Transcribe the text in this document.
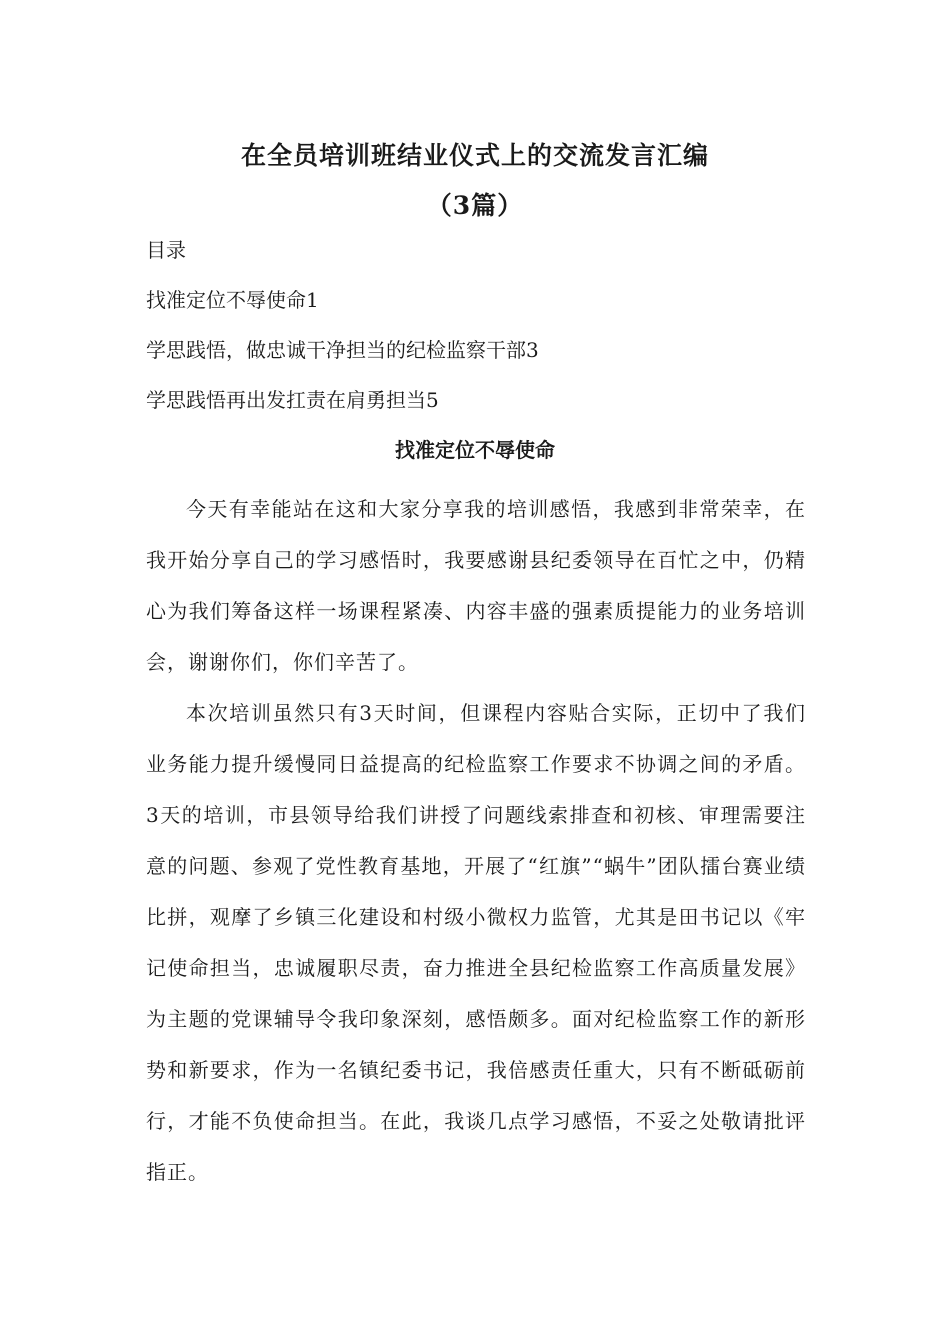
在全员培训班结业仪式上的交流发言汇编
（3篇）
目录
找准定位不辱使命1
学思践悟，做忠诚干净担当的纪检监察干部3
学思践悟再出发扛责在肩勇担当5
找准定位不辱使命

今天有幸能站在这和大家分享我的培训感悟，我感到非常荣幸，在我开始分享自己的学习感悟时，我要感谢县纪委领导在百忙之中，仍精心为我们筹备这样一场课程紧凑、内容丰盛的强素质提能力的业务培训会，谢谢你们，你们辛苦了。

本次培训虽然只有3天时间，但课程内容贴合实际，正切中了我们业务能力提升缓慢同日益提高的纪检监察工作要求不协调之间的矛盾。3天的培训，市县领导给我们讲授了问题线索排查和初核、审理需要注意的问题、参观了党性教育基地，开展了“红旗”“蜗牛”团队擂台赛业绩比拼，观摩了乡镇三化建设和村级小微权力监管，尤其是田书记以《牢记使命担当，忠诚履职尽责，奋力推进全县纪检监察工作高质量发展》为主题的党课辅导令我印象深刻，感悟颇多。面对纪检监察工作的新形势和新要求，作为一名镇纪委书记，我倍感责任重大，只有不断砥砺前行，才能不负使命担当。在此，我谈几点学习感悟，不妥之处敬请批评指正。
